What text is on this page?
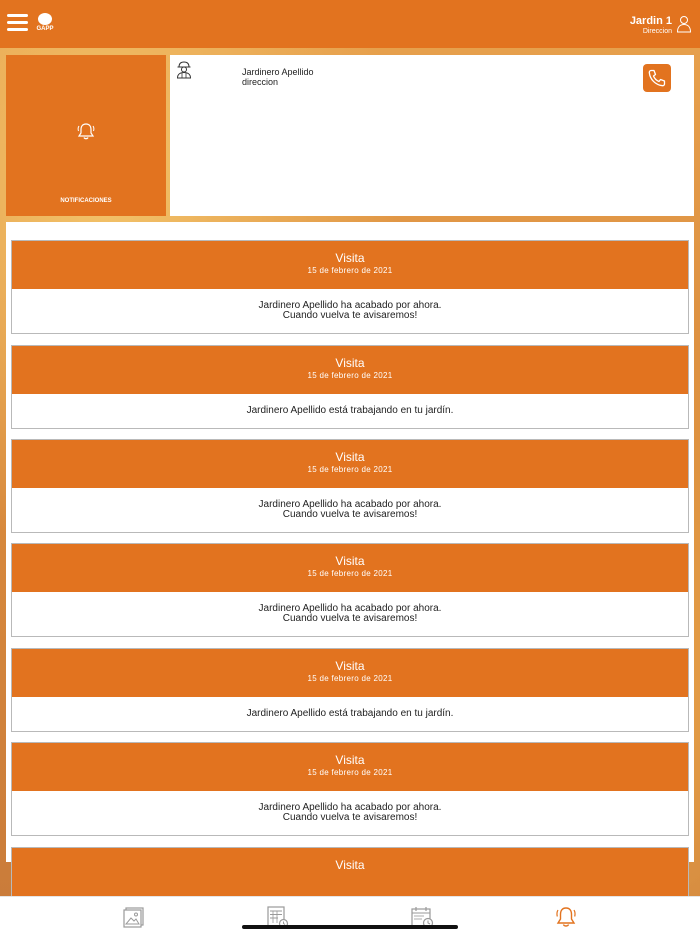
GAPP
Jardin 1
Direccion
NOTIFICACIONES
Jardinero Apellido
direccion
Visita
15 de febrero de 2021
Jardinero Apellido ha acabado por ahora.
Cuando vuelva te avisaremos!
Visita
15 de febrero de 2021
Jardinero Apellido está trabajando en tu jardín.
Visita
15 de febrero de 2021
Jardinero Apellido ha acabado por ahora.
Cuando vuelva te avisaremos!
Visita
15 de febrero de 2021
Jardinero Apellido ha acabado por ahora.
Cuando vuelva te avisaremos!
Visita
15 de febrero de 2021
Jardinero Apellido está trabajando en tu jardín.
Visita
15 de febrero de 2021
Jardinero Apellido ha acabado por ahora.
Cuando vuelva te avisaremos!
Visita
